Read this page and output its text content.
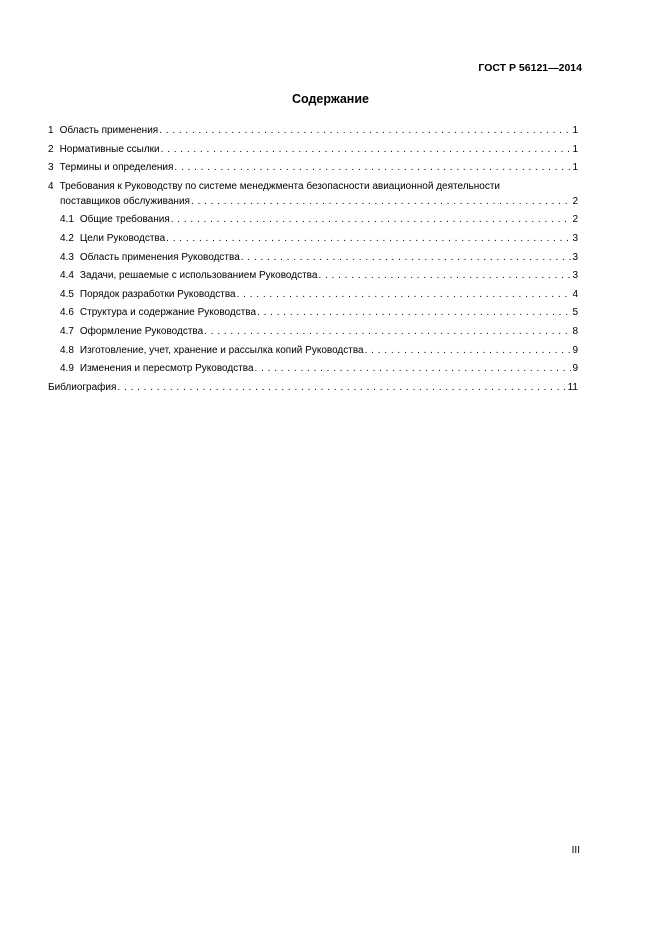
ГОСТ Р 56121—2014
Содержание
1 Область применения . . .	1
2 Нормативные ссылки . . .	1
3 Термины и определения . . .	1
4 Требования к Руководству по системе менеджмента безопасности авиационной деятельности
поставщиков обслуживания . . .	2
4.1 Общие требования . . .	2
4.2 Цели Руководства . . .	3
4.3 Область применения Руководства . . .	3
4.4 Задачи, решаемые с использованием Руководства . . .	3
4.5 Порядок разработки Руководства . . .	4
4.6 Структура и содержание Руководства . . .	5
4.7 Оформление Руководства . . .	8
4.8 Изготовление, учет, хранение и рассылка копий Руководства . . .	9
4.9 Изменения и пересмотр Руководства . . .	9
Библиография . . .	11
III
